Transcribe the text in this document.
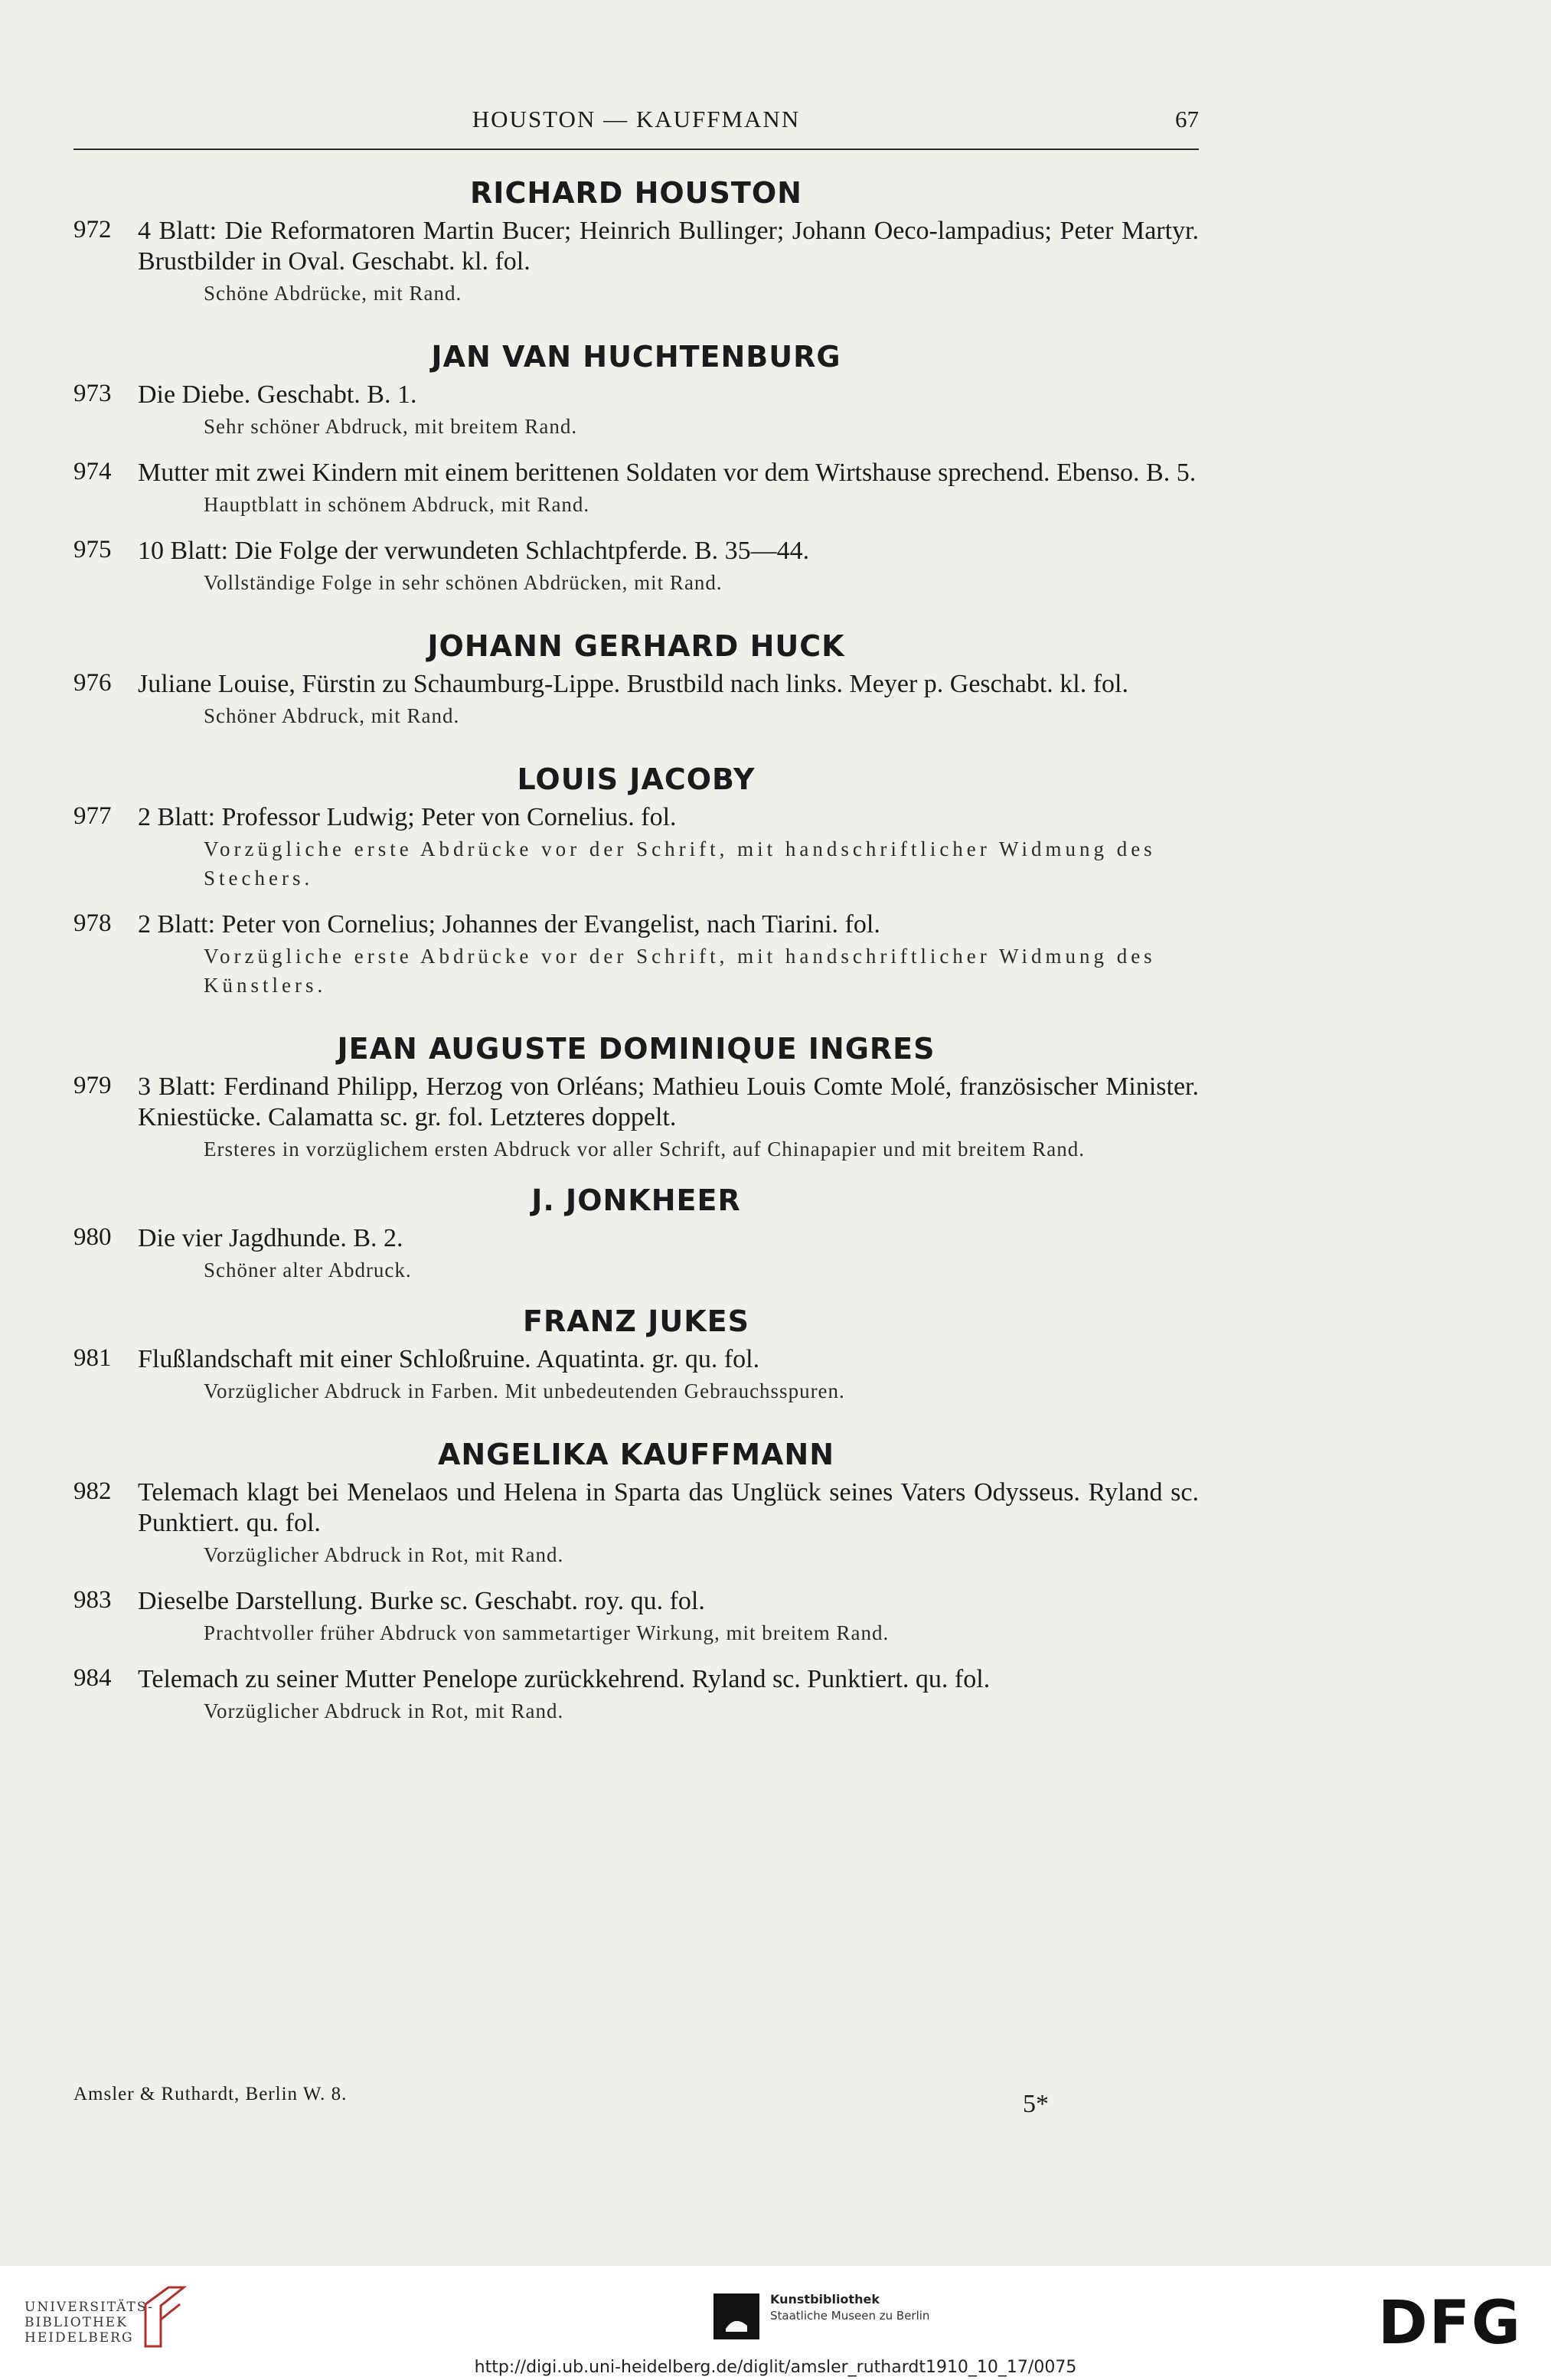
HOUSTON — KAUFFMANN	67
RICHARD HOUSTON
972	4 Blatt: Die Reformatoren Martin Bucer; Heinrich Bullinger; Johann Oeco-lampadius; Peter Martyr. Brustbilder in Oval. Geschabt. kl. fol.
Schöne Abdrücke, mit Rand.
JAN VAN HUCHTENBURG
973	Die Diebe. Geschabt. B. 1.
Sehr schöner Abdruck, mit breitem Rand.
974	Mutter mit zwei Kindern mit einem berittenen Soldaten vor dem Wirtshause sprechend. Ebenso. B. 5.
Hauptblatt in schönem Abdruck, mit Rand.
975	10 Blatt: Die Folge der verwundeten Schlachtpferde. B. 35—44.
Vollständige Folge in sehr schönen Abdrücken, mit Rand.
JOHANN GERHARD HUCK
976	Juliane Louise, Fürstin zu Schaumburg-Lippe. Brustbild nach links. Meyer p. Geschabt. kl. fol.
Schöner Abdruck, mit Rand.
LOUIS JACOBY
977	2 Blatt: Professor Ludwig; Peter von Cornelius. fol.
Vorzügliche erste Abdrücke vor der Schrift, mit handschriftlicher Widmung des Stechers.
978	2 Blatt: Peter von Cornelius; Johannes der Evangelist, nach Tiarini. fol.
Vorzügliche erste Abdrücke vor der Schrift, mit handschriftlicher Widmung des Künstlers.
JEAN AUGUSTE DOMINIQUE INGRES
979	3 Blatt: Ferdinand Philipp, Herzog von Orléans; Mathieu Louis Comte Molé, französischer Minister. Kniestücke. Calamatta sc. gr. fol. Letzteres doppelt.
Ersteres in vorzüglichem ersten Abdruck vor aller Schrift, auf Chinapapier und mit breitem Rand.
J. JONKHEER
980	Die vier Jagdhunde. B. 2.
Schöner alter Abdruck.
FRANZ JUKES
981	Flußlandschaft mit einer Schloßruine. Aquatinta. gr. qu. fol.
Vorzüglicher Abdruck in Farben. Mit unbedeutenden Gebrauchsspuren.
ANGELIKA KAUFFMANN
982	Telemach klagt bei Menelaos und Helena in Sparta das Unglück seines Vaters Odysseus. Ryland sc. Punktiert. qu. fol.
Vorzüglicher Abdruck in Rot, mit Rand.
983	Dieselbe Darstellung. Burke sc. Geschabt. roy. qu. fol.
Prachtvoller früher Abdruck von sammetartiger Wirkung, mit breitem Rand.
984	Telemach zu seiner Mutter Penelope zurückkehrend. Ryland sc. Punktiert. qu. fol.
Vorzüglicher Abdruck in Rot, mit Rand.
Amsler & Ruthardt, Berlin W. 8.	5*
UNIVERSITÄTS-
BIBLIOTHEK
HEIDELBERG
Kunstbibliothek
Staatliche Museen zu Berlin	DFG
http://digi.ub.uni-heidelberg.de/diglit/amsler_ruthardt1910_10_17/0075
